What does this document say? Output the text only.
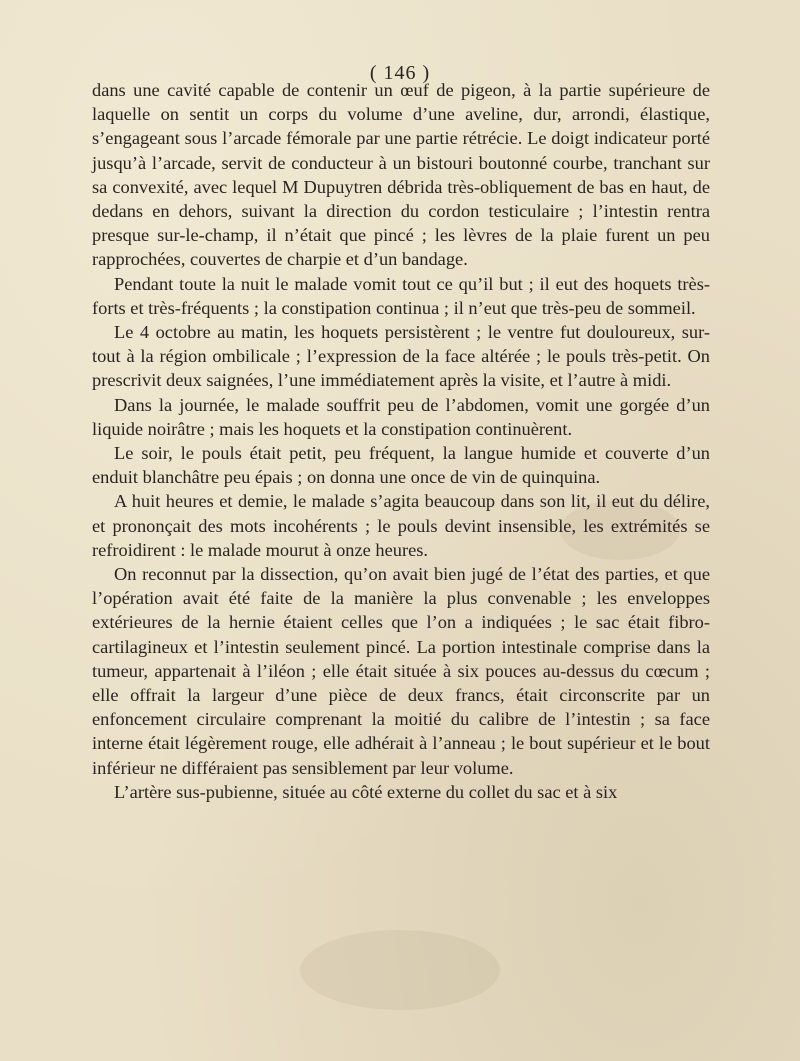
( 146 )

dans une cavité capable de contenir un œuf de pigeon, à la partie supérieure de laquelle on sentit un corps du volume d’une aveline, dur, arrondi, élastique, s’engageant sous l’arcade fémorale par une partie rétrécie. Le doigt indicateur porté jusqu’à l’arcade, servit de conducteur à un bistouri boutonné courbe, tranchant sur sa convexité, avec lequel M Dupuytren débrida très-obliquement de bas en haut, de dedans en dehors, suivant la direction du cordon testiculaire ; l’intestin rentra presque sur-le-champ, il n’était que pincé ; les lèvres de la plaie furent un peu rapprochées, couvertes de charpie et d’un bandage.

Pendant toute la nuit le malade vomit tout ce qu’il but ; il eut des hoquets très-forts et très-fréquents ; la constipation continua ; il n’eut que très-peu de sommeil.

Le 4 octobre au matin, les hoquets persistèrent ; le ventre fut douloureux, sur-tout à la région ombilicale ; l’expression de la face altérée ; le pouls très-petit. On prescrivit deux saignées, l’une immédiatement après la visite, et l’autre à midi.

Dans la journée, le malade souffrit peu de l’abdomen, vomit une gorgée d’un liquide noirâtre ; mais les hoquets et la constipation continuèrent.

Le soir, le pouls était petit, peu fréquent, la langue humide et couverte d’un enduit blanchâtre peu épais ; on donna une once de vin de quinquina.

A huit heures et demie, le malade s’agita beaucoup dans son lit, il eut du délire, et prononçait des mots incohérents ; le pouls devint insensible, les extrémités se refroidirent : le malade mourut à onze heures.

On reconnut par la dissection, qu’on avait bien jugé de l’état des parties, et que l’opération avait été faite de la manière la plus convenable ; les enveloppes extérieures de la hernie étaient celles que l’on a indiquées ; le sac était fibro-cartilagineux et l’intestin seulement pincé. La portion intestinale comprise dans la tumeur, appartenait à l’iléon ; elle était située à six pouces au-dessus du cœcum ; elle offrait la largeur d’une pièce de deux francs, était circonscrite par un enfoncement circulaire comprenant la moitié du calibre de l’intestin ; sa face interne était légèrement rouge, elle adhérait à l’anneau ; le bout supérieur et le bout inférieur ne différaient pas sensiblement par leur volume.

L’artère sus-pubienne, située au côté externe du collet du sac et à six
